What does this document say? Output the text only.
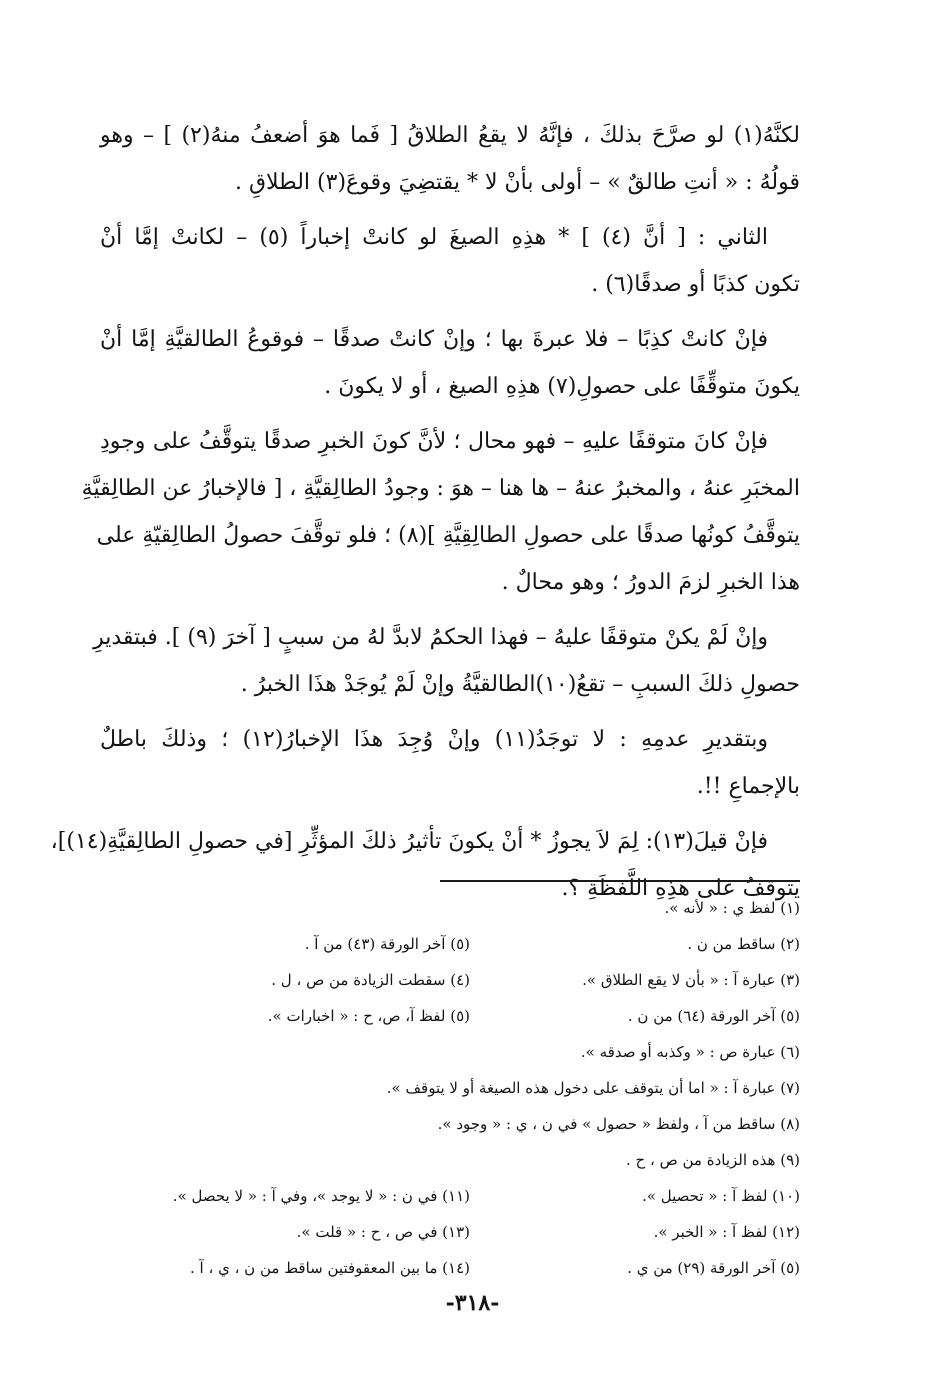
لكنَّهُ(١) لو صرَّحَ بذلكَ ، فإنَّهُ لا يقعُ الطلاقُ [ فَما هوَ أضعفُ منهُ(٢) ] – وهو
قولُهُ : « أنتِ طالقٌ » – أولى بأنْ لا * يقتضِيَ وقوعَ(٣) الطلاقِ .
الثاني : [ أنَّ (٤) ] * هذِهِ الصيغَ لو كانتْ إخباراً (٥) – لكانتْ إمَّا أنْ
تكون كذبًا أو صدقًا(٦) .
فإنْ كانتْ كذِبًا – فلا عبرةَ بها ؛ وإنْ كانتْ صدقًا – فوقوعُ الطالقيَّةِ إمَّا أنْ
يكونَ متوقِّفًا على حصولِ(٧) هذِهِ الصيغ ، أو لا يكونَ .
فإنْ كانَ متوقفًا عليهِ – فهو محال ؛ لأنَّ كونَ الخبرِ صدقًا يتوقَّفُ على وجودِ
المخبَرِ عنهُ ، والمخبرُ عنهُ – ها هنا – هوَ : وجودُ الطالِقيَّةِ ، [ فالإخبارُ عن الطالِقيَّةِ
يتوقَّفُ كونُها صدقًا على حصولِ الطالِقِيَّةِ ](٨) ؛ فلو توقَّفَ حصولُ الطالِقيّةِ على
هذا الخبرِ لزمَ الدورُ ؛ وهو محالٌ .
وإنْ لَمْ يكنْ متوقفًا عليهُ – فهذا الحكمُ لابدَّ لهُ من سببٍ [ آخرَ (٩) ]. فبتقديرِ
حصولِ ذلكَ السببِ – تقعُ(١٠)الطالقيَّةُ وإنْ لَمْ يُوجَدْ هذَا الخبرُ .
وبتقديرِ عدمِهِ : لا توجَدُ(١١) وإنْ وُجِدَ هذَا الإخبارُ(١٢) ؛ وذلكَ باطلٌ
بالإجماعِ !!.
فإنْ قيلَ(١٣): لِمَ لاَ يجوزُ * أنْ يكونَ تأثيرُ ذلكَ المؤثِّرِ [في حصولِ الطالِقيَّةِ(١٤)]،
يتوقفُ على هذِهِ اللَّفظَةِ ؟.
(١) لفظ ي : « لأنه ».
(٢) ساقط من ن .
(٥) آخر الورقة (٤٣) من آ .
(٣) عبارة آ : « بأن لا يقع الطلاق ».
(٤) سقطت الزيادة من ص ، ل .
(٥) آخر الورقة (٦٤) من ن .
(٥) لفظ آ، ص، ح : « اخبارات ».
(٦) عبارة ص : « وكذبه أو صدقه ».
(٧) عبارة آ : « اما أن يتوقف على دخول هذه الصيغة أو لا يتوقف ».
(٨) ساقط من آ ، ولفظ « حصول » في ن ، ي : « وجود ».
(٩) هذه الزيادة من ص ، ح .
(١٠) لفظ آ : « تحصيل ».
(١١) في ن : « لا يوجد »، وفي آ : « لا يحصل ».
(١٢) لفظ آ : « الخبر ».
(١٣) في ص ، ح : « قلت ».
(٥) آخر الورقة (٢٩) من ي .
(١٤) ما بين المعقوفتين ساقط من ن ، ي ، آ .
-٣١٨-
